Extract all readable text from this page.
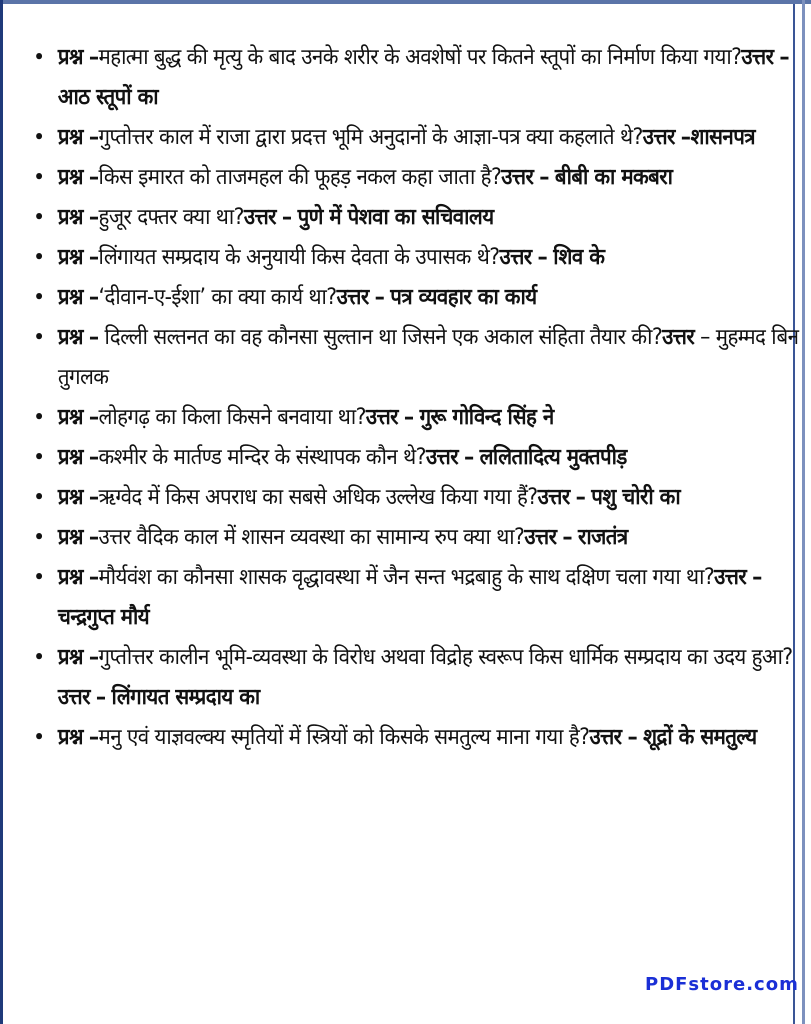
• प्रश्न –महात्मा बुद्ध की मृत्यु के बाद उनके शरीर के अवशेषों पर कितने स्तूपों का निर्माण किया गया?उत्तर – आठ स्तूपों का
• प्रश्न –गुप्तोत्तर काल में राजा द्वारा प्रदत्त भूमि अनुदानों के आज्ञा-पत्र क्या कहलाते थे?उत्तर –शासनपत्र
• प्रश्न –किस इमारत को ताजमहल की फूहड़ नकल कहा जाता है?उत्तर – बीबी का मकबरा
• प्रश्न –हुजूर दफ्तर क्या था?उत्तर – पुणे में पेशवा का सचिवालय
• प्रश्न –लिंगायत सम्प्रदाय के अनुयायी किस देवता के उपासक थे?उत्तर – शिव के
• प्रश्न –‘दीवान-ए-ईशा’ का क्या कार्य था?उत्तर – पत्र व्यवहार का कार्य
• प्रश्न – दिल्ली सल्तनत का वह कौनसा सुल्तान था जिसने एक अकाल संहिता तैयार की?उत्तर – मुहम्मद बिन तुगलक
• प्रश्न –लोहगढ़ का किला किसने बनवाया था?उत्तर – गुरू गोविन्द सिंह ने
• प्रश्न –कश्मीर के मार्तण्ड मन्दिर के संस्थापक कौन थे?उत्तर – ललितादित्य मुक्तपीड़
• प्रश्न –ऋग्वेद में किस अपराध का सबसे अधिक उल्लेख किया गया हैं?उत्तर – पशु चोरी का
• प्रश्न –उत्तर वैदिक काल में शासन व्यवस्था का सामान्य रुप क्या था?उत्तर – राजतंत्र
• प्रश्न –मौर्यवंश का कौनसा शासक वृद्धावस्था में जैन सन्त भद्रबाहु के साथ दक्षिण चला गया था?उत्तर –चन्द्रगुप्त मौर्य
• प्रश्न –गुप्तोत्तर कालीन भूमि-व्यवस्था के विरोध अथवा विद्रोह स्वरूप किस धार्मिक सम्प्रदाय का उदय हुआ?उत्तर – लिंगायत सम्प्रदाय का
• प्रश्न –मनु एवं याज्ञवल्क्य स्मृतियों में स्त्रियों को किसके समतुल्य माना गया है?उत्तर – शूद्रों के समतुल्य
PDFstore.com
